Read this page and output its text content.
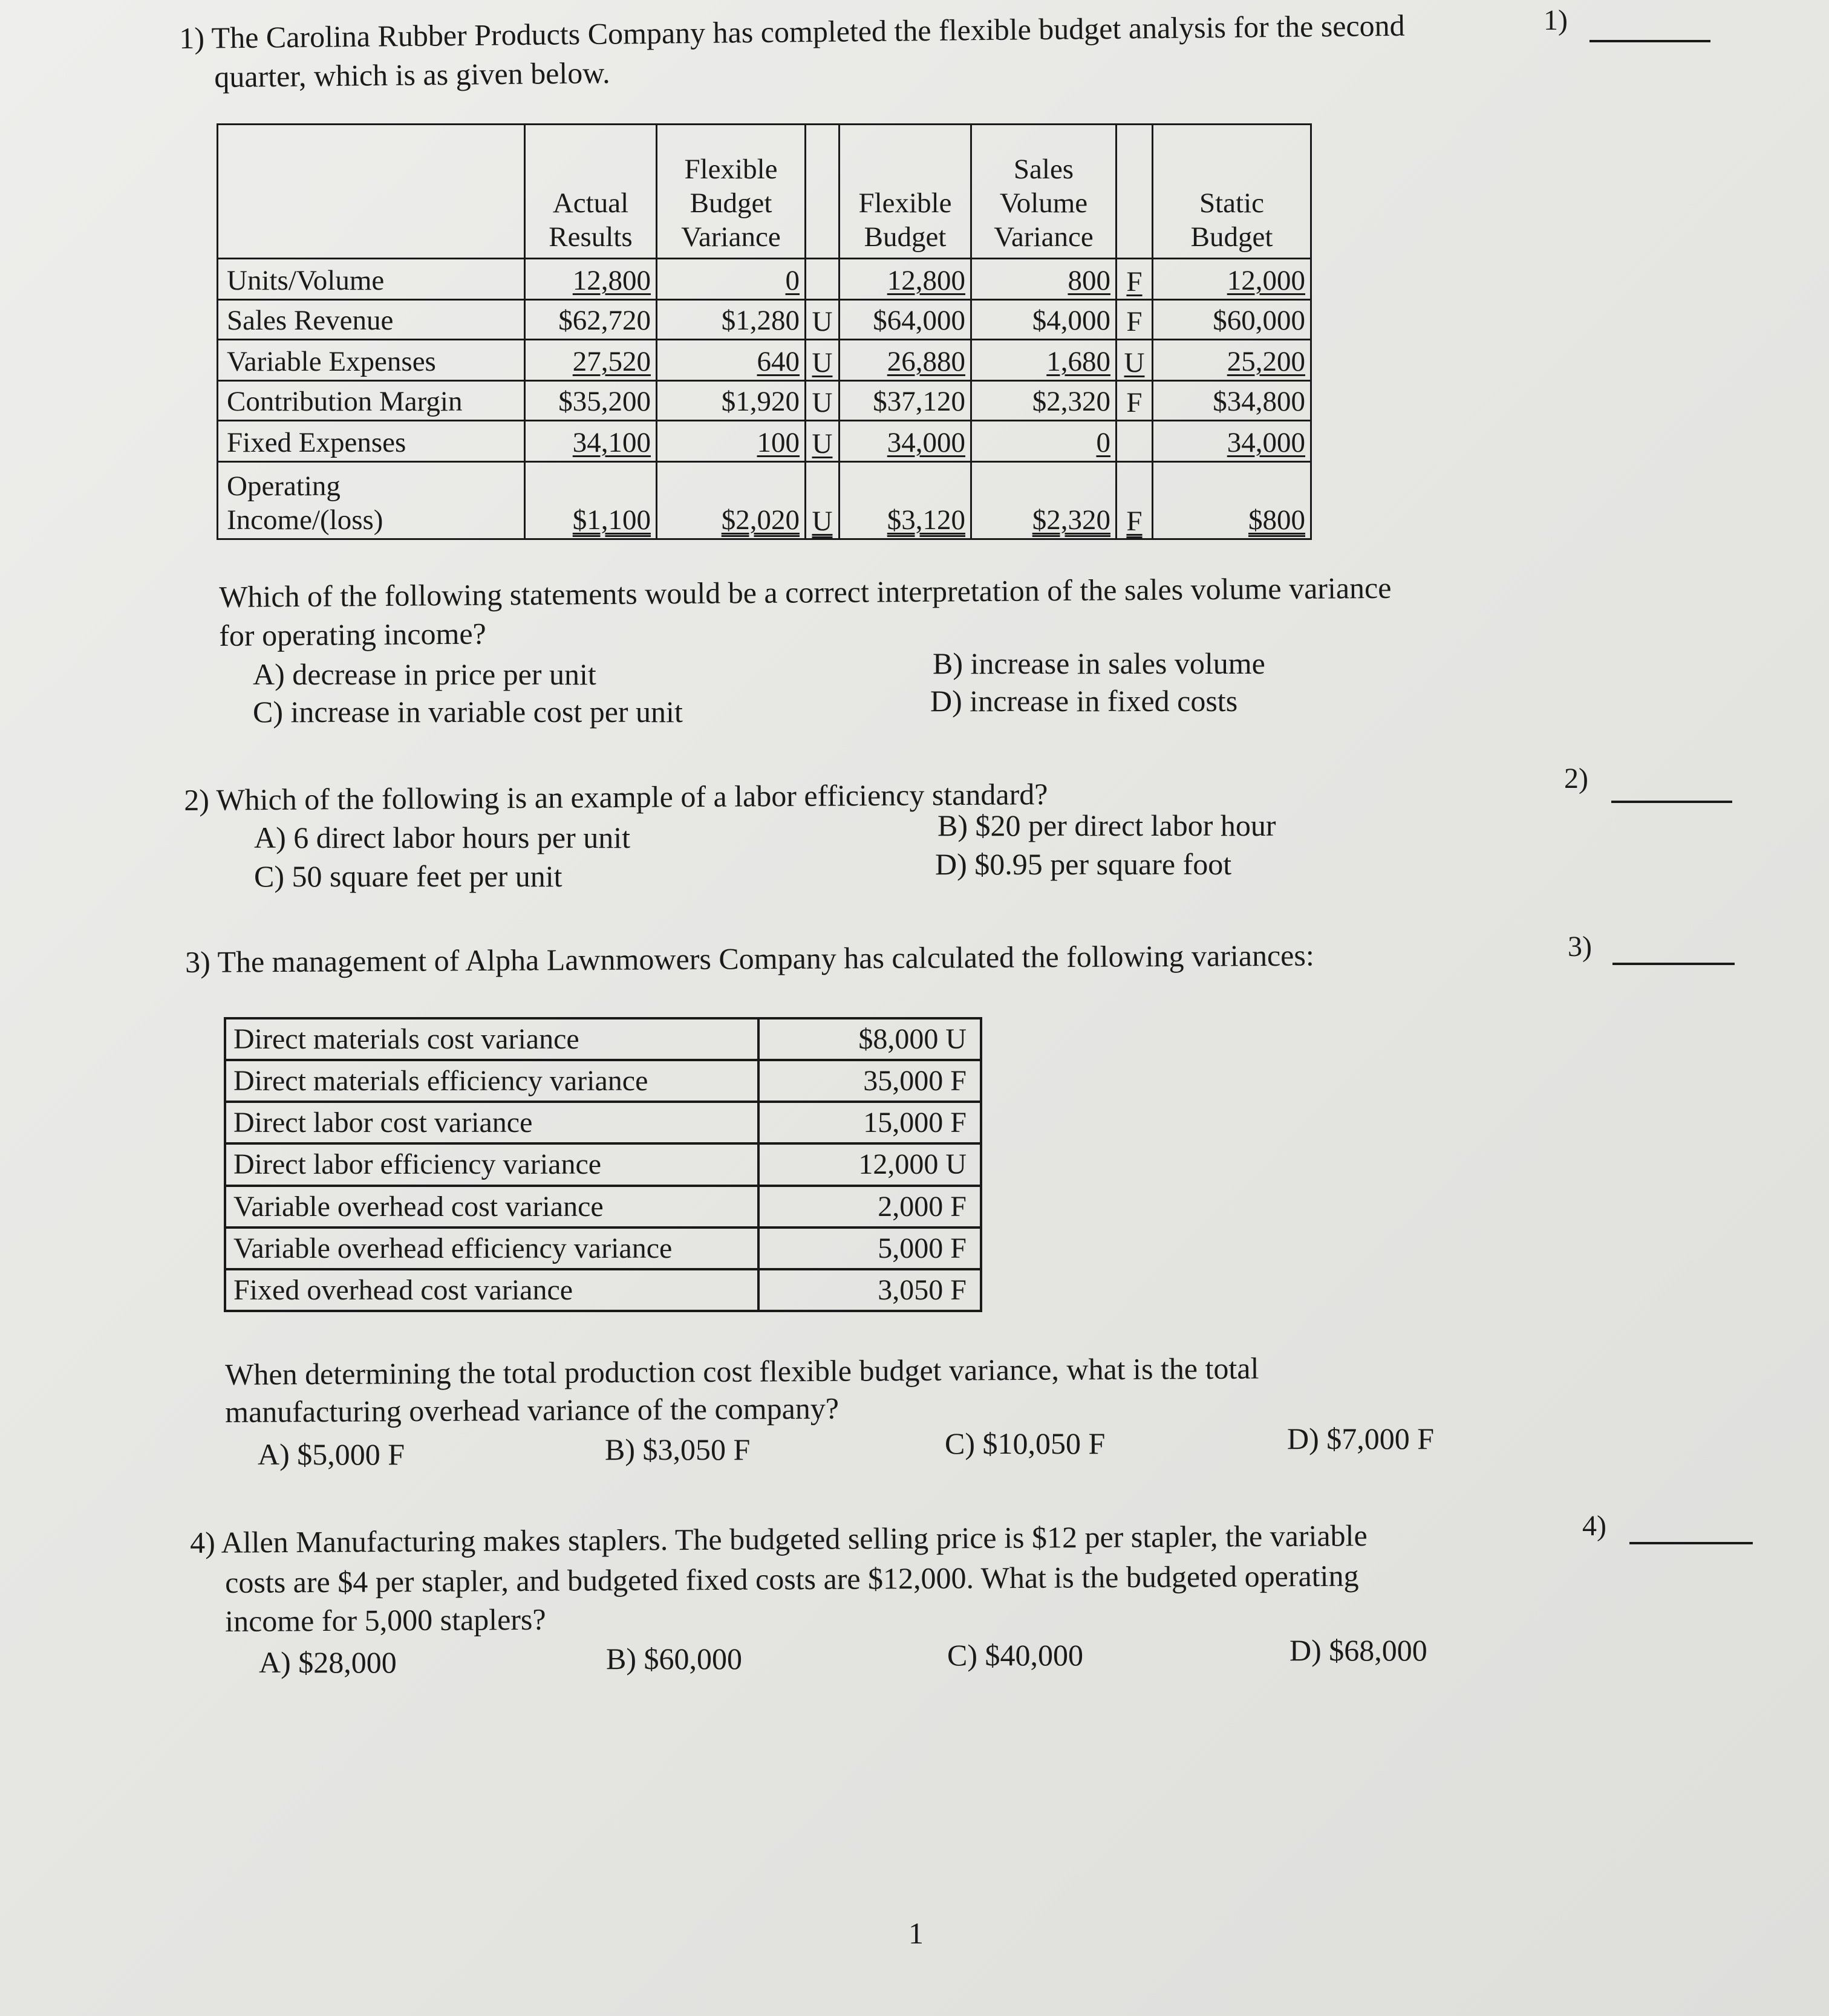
1)
2)
3)
4)
1) The Carolina Rubber Products Company has completed the flexible budget analysis for the second
quarter, which is as given below.
	Actual
Results	Flexible
Budget
Variance		Flexible
Budget	Sales
Volume
Variance		Static
Budget
Units/Volume	12,800	0		12,800	800	F	12,000
Sales Revenue	$62,720	$1,280	U	$64,000	$4,000	F	$60,000
Variable Expenses	27,520	640	U	26,880	1,680	U	25,200
Contribution Margin	$35,200	$1,920	U	$37,120	$2,320	F	$34,800
Fixed Expenses	34,100	100	U	34,000	0		34,000
Operating
Income/(loss)	$1,100	$2,020	U	$3,120	$2,320	F	$800
Which of the following statements would be a correct interpretation of the sales volume variance
for operating income?
A) decrease in price per unit	B) increase in sales volume
C) increase in variable cost per unit	D) increase in fixed costs
2) Which of the following is an example of a labor efficiency standard?
A) 6 direct labor hours per unit	B) $20 per direct labor hour
C) 50 square feet per unit	D) $0.95 per square foot
3) The management of Alpha Lawnmowers Company has calculated the following variances:
Direct materials cost variance	$8,000 U
Direct materials efficiency variance	35,000 F
Direct labor cost variance	15,000 F
Direct labor efficiency variance	12,000 U
Variable overhead cost variance	2,000 F
Variable overhead efficiency variance	5,000 F
Fixed overhead cost variance	3,050 F
When determining the total production cost flexible budget variance, what is the total
manufacturing overhead variance of the company?
A) $5,000 F	B) $3,050 F	C) $10,050 F	D) $7,000 F
4) Allen Manufacturing makes staplers. The budgeted selling price is $12 per stapler, the variable
costs are $4 per stapler, and budgeted fixed costs are $12,000. What is the budgeted operating
income for 5,000 staplers?
A) $28,000	B) $60,000	C) $40,000	D) $68,000
1
